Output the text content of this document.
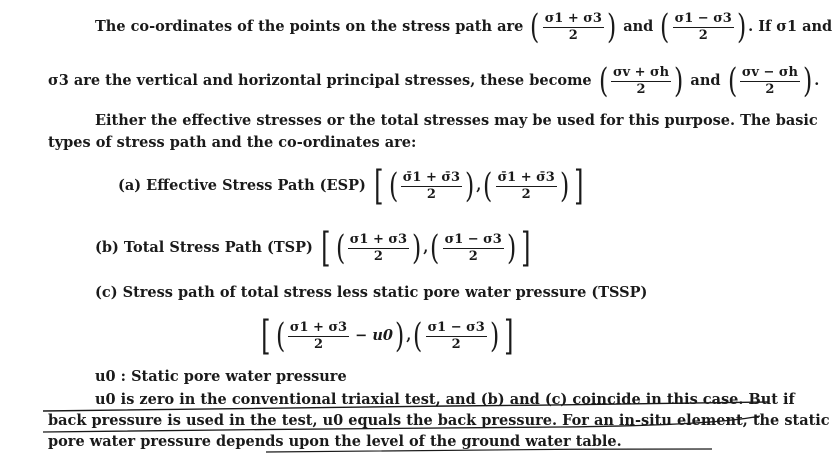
The co-ordinates of the points on the stress path are ( $\frac{\sigma 1 + \sigma 3}{2}$ ) and ( $\frac{\sigma 1 - \sigma 3}{2}$ ) . If σ1 and
σ3 are the vertical and horizontal principal stresses, these become ( $\frac{\sigma v + \sigma h}{2}$ ) and ( $\frac{\sigma v - \sigma h}{2}$ ) .
Either the effective stresses or the total stresses may be used for this purpose. The basic
types of stress path and the co-ordinates are:
(a) Effective Stress Path (ESP) [ ( $\frac{\sigmā1 + \sigmā3}{2}$ ) ,( $\frac{\sigmā1 + \sigmā3}{2}$ ) ]
(b) Total Stress Path (TSP) [ ( $\frac{\sigma 1 + \sigma 3}{2}$ ) ,( $\frac{\sigma 1 - \sigma 3}{2}$ ) ]
(c) Stress path of total stress less static pore water pressure (TSSP)
[ ( $\frac{\sigma 1 + \sigma 3}{2} - u0$) ,( $\frac{\sigma 1 - \sigma 3}{2}$ ) ]
u0 : Static pore water pressure
u0 is zero in the conventional triaxial test, and (b) and (c) coincide in this case. But if
back pressure is used in the test, u0 equals the back pressure. For an in-situ element, the static
pore water pressure depends upon the level of the ground water table.
